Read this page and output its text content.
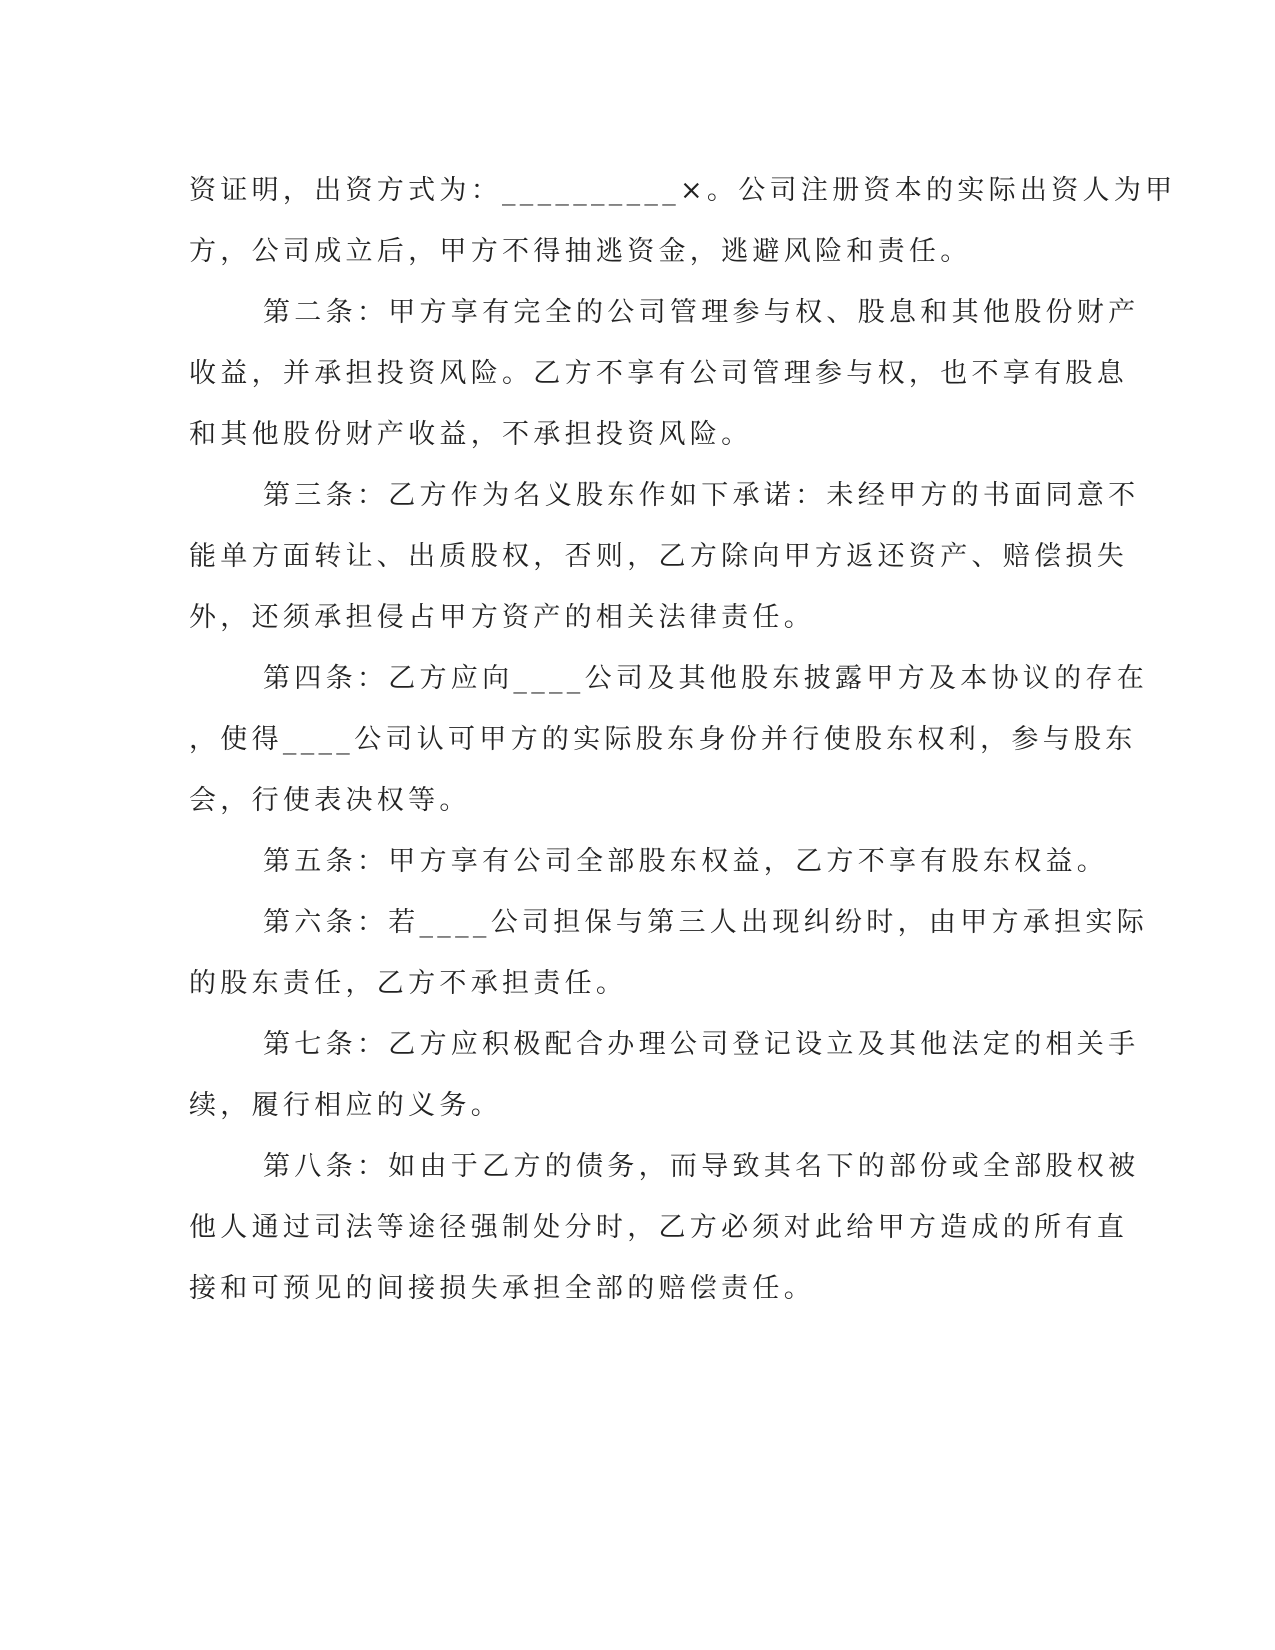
资证明，出资方式为：__________×。公司注册资本的实际出资人为甲
方，公司成立后，甲方不得抽逃资金，逃避风险和责任。
第二条：甲方享有完全的公司管理参与权、股息和其他股份财产
收益，并承担投资风险。乙方不享有公司管理参与权，也不享有股息
和其他股份财产收益，不承担投资风险。
第三条：乙方作为名义股东作如下承诺：未经甲方的书面同意不
能单方面转让、出质股权，否则，乙方除向甲方返还资产、赔偿损失
外，还须承担侵占甲方资产的相关法律责任。
第四条：乙方应向____公司及其他股东披露甲方及本协议的存在
，使得____公司认可甲方的实际股东身份并行使股东权利，参与股东
会，行使表决权等。
第五条：甲方享有公司全部股东权益，乙方不享有股东权益。
第六条：若____公司担保与第三人出现纠纷时，由甲方承担实际
的股东责任，乙方不承担责任。
第七条：乙方应积极配合办理公司登记设立及其他法定的相关手
续，履行相应的义务。
第八条：如由于乙方的债务，而导致其名下的部份或全部股权被
他人通过司法等途径强制处分时，乙方必须对此给甲方造成的所有直
接和可预见的间接损失承担全部的赔偿责任。
